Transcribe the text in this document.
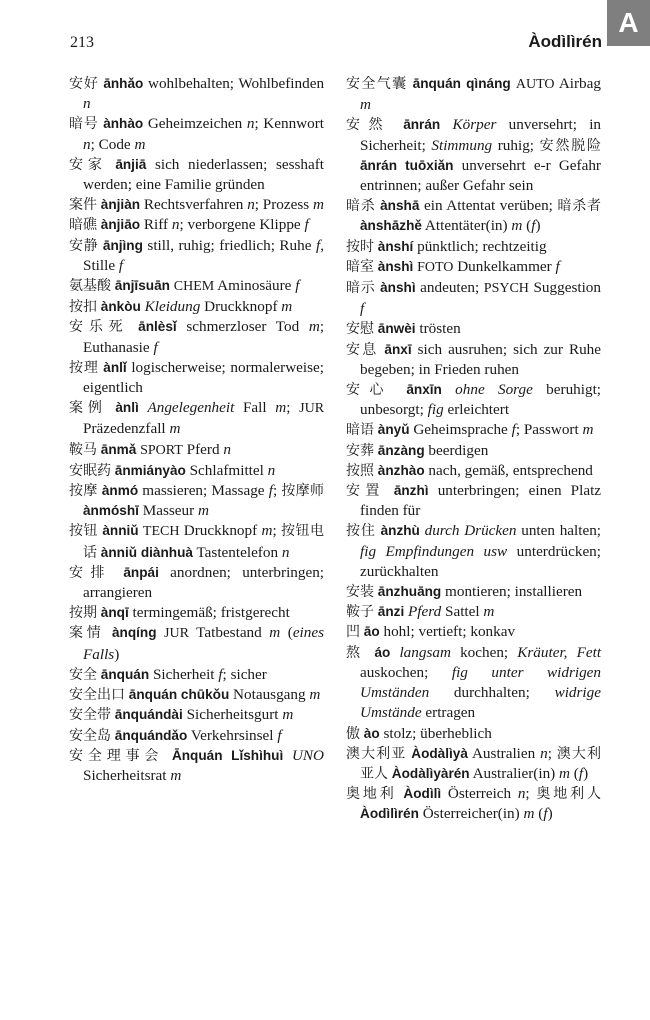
213	Àodìlìrén
A

安好 ānhǎo wohlbehalten; Wohlbefinden n

暗号 ànhào Geheimzeichen n; Kennwort n; Code m

安家 ānjiā sich niederlassen; sesshaft werden; eine Familie gründen

案件 ànjiàn Rechtsverfahren n; Prozess m

暗礁 ànjiāo Riff n; verborgene Klippe f

安静 ānjìng still, ruhig; friedlich; Ruhe f, Stille f

氨基酸 ānjīsuān CHEM Aminosäure f

按扣 ànkòu Kleidung Druckknopf m

安乐死 ānlèsǐ schmerzloser Tod m; Euthanasie f

按理 ànlǐ logischerweise; normalerweise; eigentlich

案例 ànlì Angelegenheit Fall m; JUR Präzedenzfall m

鞍马 ānmǎ SPORT Pferd n

安眠药 ānmiányào Schlafmittel n

按摩 ànmó massieren; Massage f; 按摩师 ànmóshī Masseur m

按钮 ànniǔ TECH Druckknopf m; 按钮电话 ànniǔ diànhuà Tastentelefon n

安排 ānpái anordnen; unterbringen; arrangieren

按期 ànqī termingemäß; fristgerecht

案情 ànqíng JUR Tatbestand m (eines Falls)

安全 ānquán Sicherheit f; sicher

安全出口 ānquán chūkǒu Notausgang m

安全带 ānquándài Sicherheitsgurt m

安全岛 ānquándǎo Verkehrsinsel f

安全理事会 Ānquán Lǐshìhuì UNO Sicherheitsrat m

安全气囊 ānquán qìnáng AUTO Airbag m

安然 ānrán Körper unversehrt; in Sicherheit; Stimmung ruhig; 安然脱险 ānrán tuōxiǎn unversehrt e-r Gefahr entrinnen; außer Gefahr sein

暗杀 ànshā ein Attentat verüben; 暗杀者 ànshāzhě Attentäter(in) m (f)

按时 ànshí pünktlich; rechtzeitig

暗室 ànshì FOTO Dunkelkammer f

暗示 ànshì andeuten; PSYCH Suggestion f

安慰 ānwèi trösten

安息 ānxī sich ausruhen; sich zur Ruhe begeben; in Frieden ruhen

安心 ānxīn ohne Sorge beruhigt; unbesorgt; fig erleichtert

暗语 ànyǔ Geheimsprache f; Passwort m

安葬 ānzàng beerdigen

按照 ànzhào nach, gemäß, entsprechend

安置 ānzhì unterbringen; einen Platz finden für

按住 ànzhù durch Drücken unten halten; fig Empfindungen usw unterdrücken; zurückhalten

安装 ānzhuāng montieren; installieren

鞍子 ānzi Pferd Sattel m

凹 āo hohl; vertieft; konkav

熬 áo langsam kochen; Kräuter, Fett auskochen; fig unter widrigen Umständen durchhalten; widrige Umstände ertragen

傲 ào stolz; überheblich

澳大利亚 Àodàlìyà Australien n; 澳大利亚人 Àodàlìyàrén Australier(in) m (f)

奥地利 Àodìlì Österreich n; 奥地利人 Àodìlìrén Österreicher(in) m (f)
